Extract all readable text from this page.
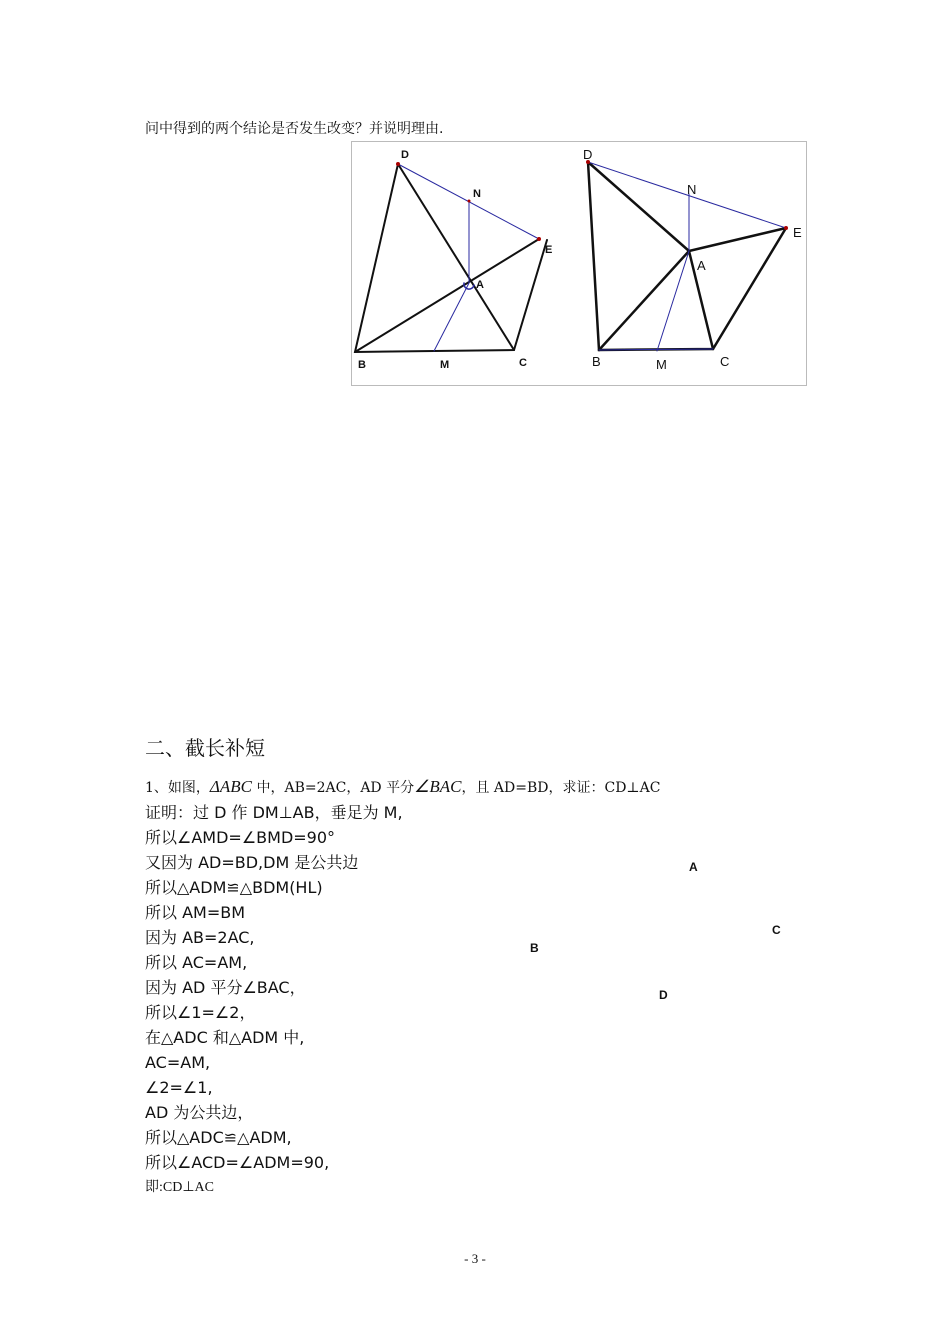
问中得到的两个结论是否发生改变？并说明理由.
D
N
E
A
B	M	C
D
N
E
A
B	M	C
二、截长补短
1、如图，ΔABC 中，AB=2AC，AD 平分∠BAC，且 AD=BD，求证：CD⊥AC
证明：过 D 作 DM⊥AB，垂足为 M,
所以∠AMD=∠BMD=90°
又因为 AD=BD,DM 是公共边
所以△ADM≌△BDM(HL)
所以 AM=BM
因为 AB=2AC,
所以 AC=AM,
因为 AD 平分∠BAC，
所以∠1=∠2，
在△ADC 和△ADM 中,
AC=AM,
∠2=∠1,
AD 为公共边，
所以△ADC≌△ADM,
所以∠ACD=∠ADM=90,
即:CD⊥AC
A
C
B
D
- 3 -
